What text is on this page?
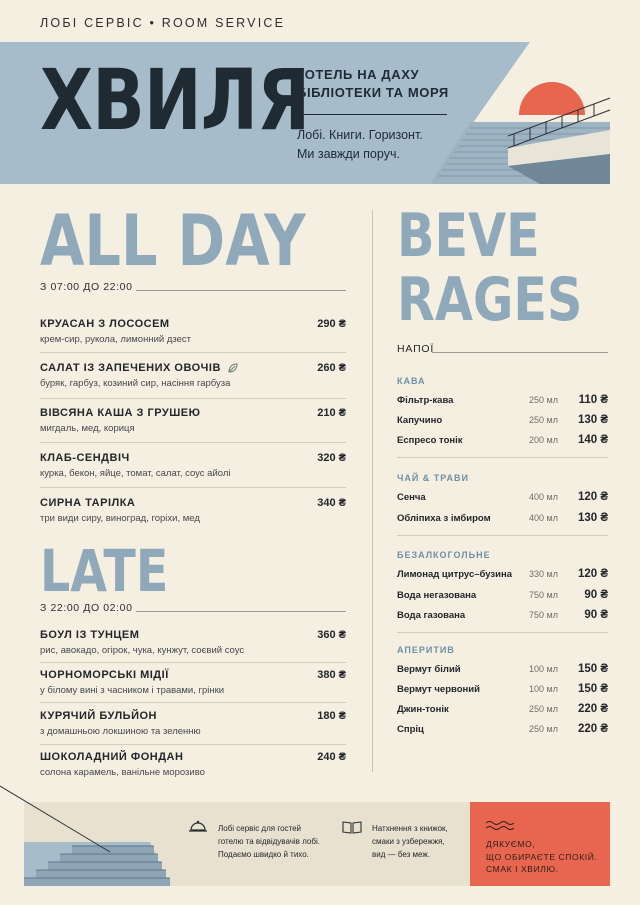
ЛОБІ СЕРВІС • ROOM SERVICE
ХВИЛЯ
ГОТЕЛЬ НА ДАХУ
БІБЛІОТЕКИ ТА МОРЯ
Лобі. Книги. Горизонт.
Ми завжди поруч.
ALL DAY
З 07:00 ДО 22:00
КРУАСАН З ЛОСОСЕМ	290 ₴
крем-сир, рукола, лимонний дзест
САЛАТ ІЗ ЗАПЕЧЕНИХ ОВОЧІВ	260 ₴
буряк, гарбуз, козиний сир, насіння гарбуза
ВІВСЯНА КАША З ГРУШЕЮ	210 ₴
мигдаль, мед, кориця
КЛАБ-СЕНДВІЧ	320 ₴
курка, бекон, яйце, томат, салат, соус айолі
СИРНА ТАРІЛКА	340 ₴
три види сиру, виноград, горіхи, мед
LATE
З 22:00 ДО 02:00
БОУЛ ІЗ ТУНЦЕМ	360 ₴
рис, авокадо, огірок, чука, кунжут, соєвий соус
ЧОРНОМОРСЬКІ МІДІЇ	380 ₴
у білому вині з часником і травами, грінки
КУРЯЧИЙ БУЛЬЙОН	180 ₴
з домашньою локшиною та зеленню
ШОКОЛАДНИЙ ФОНДАН	240 ₴
солона карамель, ванільне морозиво
BEVE
RAGES
НАПОЇ
КАВА
Фільтр-кава	250 мл 110 ₴
Капучино	250 мл 130 ₴
Еспресо тонік	200 мл 140 ₴
ЧАЙ & ТРАВИ
Сенча	400 мл 120 ₴
Обліпиха з імбиром	400 мл 130 ₴
БЕЗАЛКОГОЛЬНЕ
Лимонад цитрус–бузина 330 мл 120 ₴
Вода негазована	750 мл 90 ₴
Вода газована	750 мл 90 ₴
АПЕРИТИВ
Вермут білий	100 мл 150 ₴
Вермут червоний	100 мл 150 ₴
Джин-тонік	250 мл 220 ₴
Спріц	250 мл 220 ₴
Лобі сервіс для гостей
готелю та відвідувачів лобі.
Подаємо швидко й тихо.
Натхнення з книжок,
смаки з узбережжя,
вид — без меж.
ДЯКУЄМО,
ЩО ОБИРАЄТЕ СПОКІЙ.
СМАК І ХВИЛЮ.
